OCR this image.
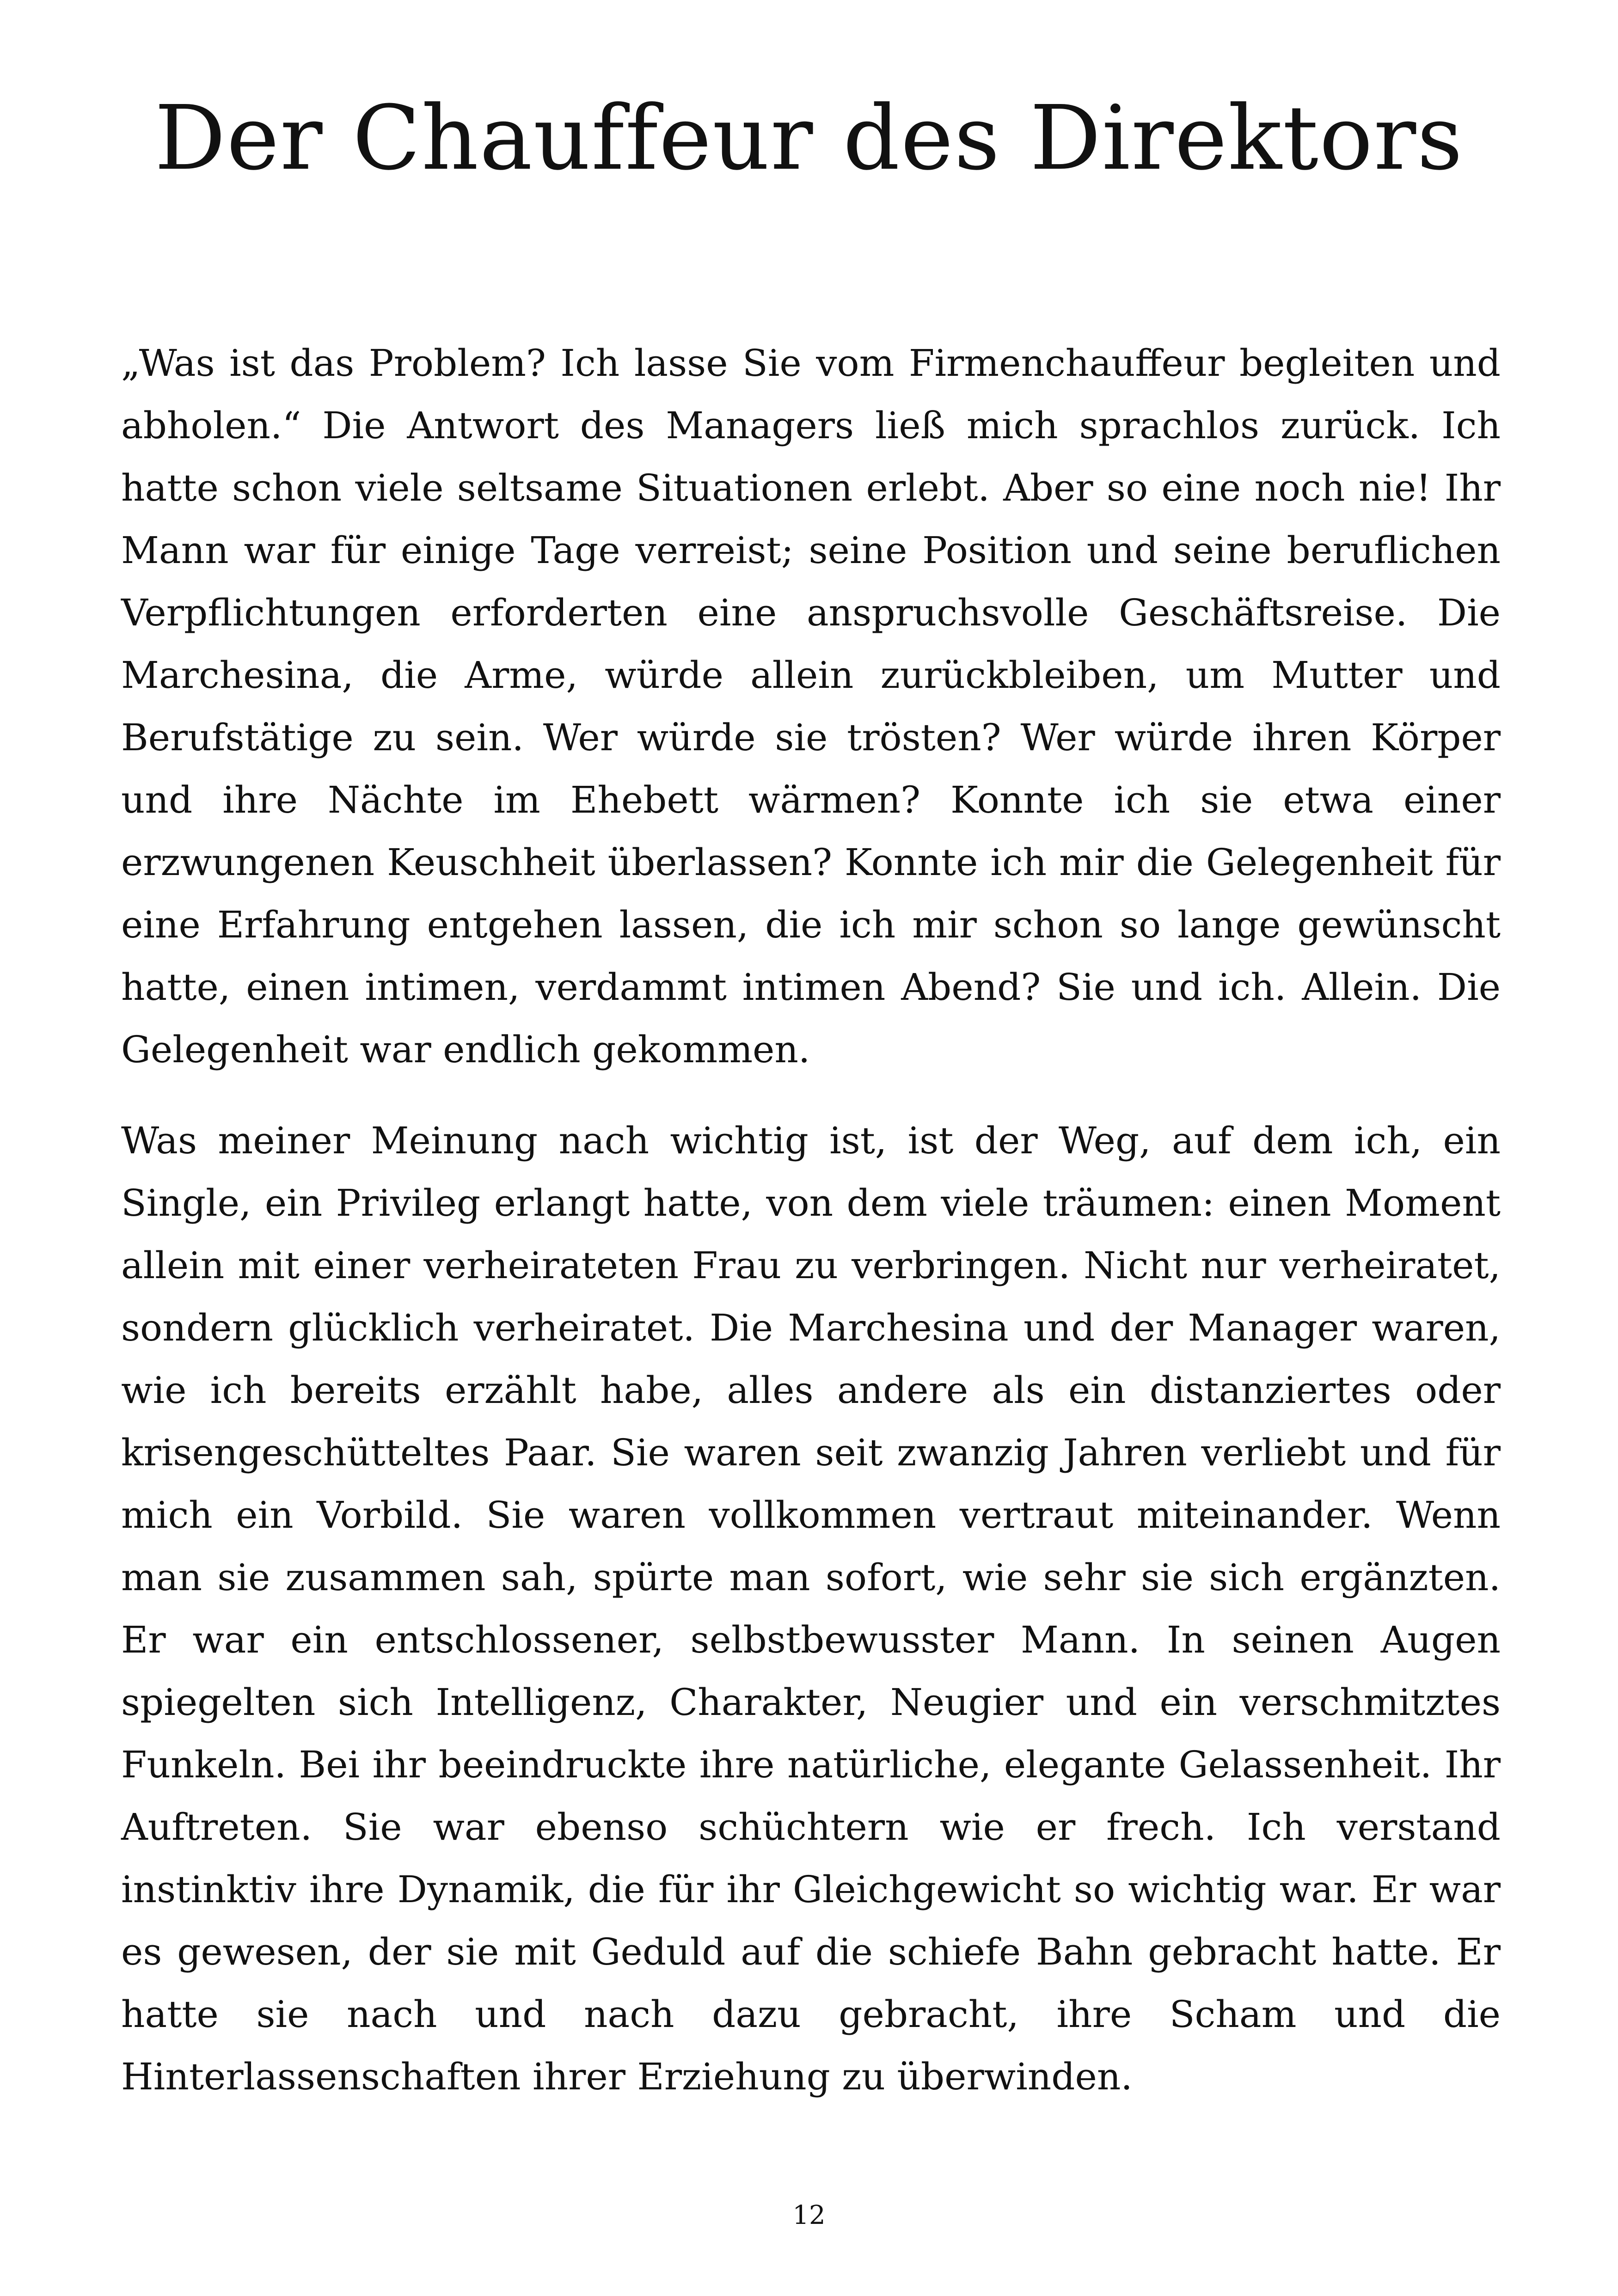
Der Chauffeur des Direktors

„Was ist das Problem? Ich lasse Sie vom Firmenchauffeur begleiten und abholen.“ Die Antwort des Managers ließ mich sprachlos zurück. Ich hatte schon viele seltsame Situationen erlebt. Aber so eine noch nie! Ihr Mann war für einige Tage verreist; seine Position und seine beruflichen Verpflichtungen erforderten eine anspruchsvolle Geschäftsreise. Die Marchesina, die Arme, würde allein zurückbleiben, um Mutter und Berufstätige zu sein. Wer würde sie trösten? Wer würde ihren Körper und ihre Nächte im Ehebett wärmen? Konnte ich sie etwa einer erzwungenen Keuschheit überlassen? Konnte ich mir die Gelegenheit für eine Erfahrung entgehen lassen, die ich mir schon so lange gewünscht hatte, einen intimen, verdammt intimen Abend? Sie und ich. Allein. Die Gelegenheit war endlich gekommen.

Was meiner Meinung nach wichtig ist, ist der Weg, auf dem ich, ein Single, ein Privileg erlangt hatte, von dem viele träumen: einen Moment allein mit einer verheirateten Frau zu verbringen. Nicht nur verheiratet, sondern glücklich verheiratet. Die Marchesina und der Manager waren, wie ich bereits erzählt habe, alles andere als ein distanziertes oder krisengeschütteltes Paar. Sie waren seit zwanzig Jahren verliebt und für mich ein Vorbild. Sie waren vollkommen vertraut miteinander. Wenn man sie zusammen sah, spürte man sofort, wie sehr sie sich ergänzten. Er war ein entschlossener, selbstbewusster Mann. In seinen Augen spiegelten sich Intelligenz, Charakter, Neugier und ein verschmitztes Funkeln. Bei ihr beeindruckte ihre natürliche, elegante Gelassenheit. Ihr Auftreten. Sie war ebenso schüchtern wie er frech. Ich verstand instinktiv ihre Dynamik, die für ihr Gleichgewicht so wichtig war. Er war es gewesen, der sie mit Geduld auf die schiefe Bahn gebracht hatte. Er hatte sie nach und nach dazu gebracht, ihre Scham und die Hinterlassenschaften ihrer Erziehung zu überwinden.

12
